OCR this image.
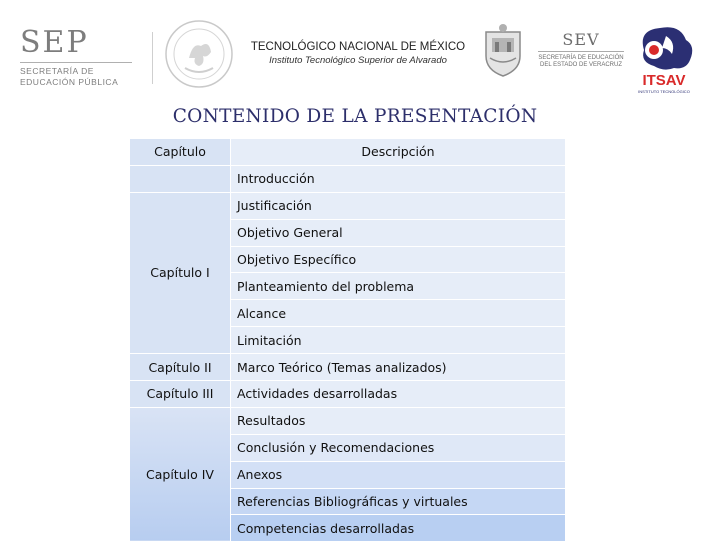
SEP
SECRETARÍA DE
EDUCACIÓN PÚBLICA
TECNOLÓGICO NACIONAL DE MÉXICO
Instituto Tecnológico Superior de Alvarado
SEV
SECRETARÍA DE EDUCACIÓN
DEL ESTADO DE VERACRUZ
ITSAV
INSTITUTO TECNOLÓGICO
CONTENIDO DE LA PRESENTACIÓN
Capítulo	Descripción
	Introducción
Capítulo I	Justificación
	Objetivo General
	Objetivo Específico
	Planteamiento del problema
	Alcance
	Limitación
Capítulo II	Marco Teórico (Temas analizados)
Capítulo III	Actividades desarrolladas
Capítulo IV	Resultados
	Conclusión y Recomendaciones
	Anexos
	Referencias Bibliográficas y virtuales
	Competencias desarrolladas
